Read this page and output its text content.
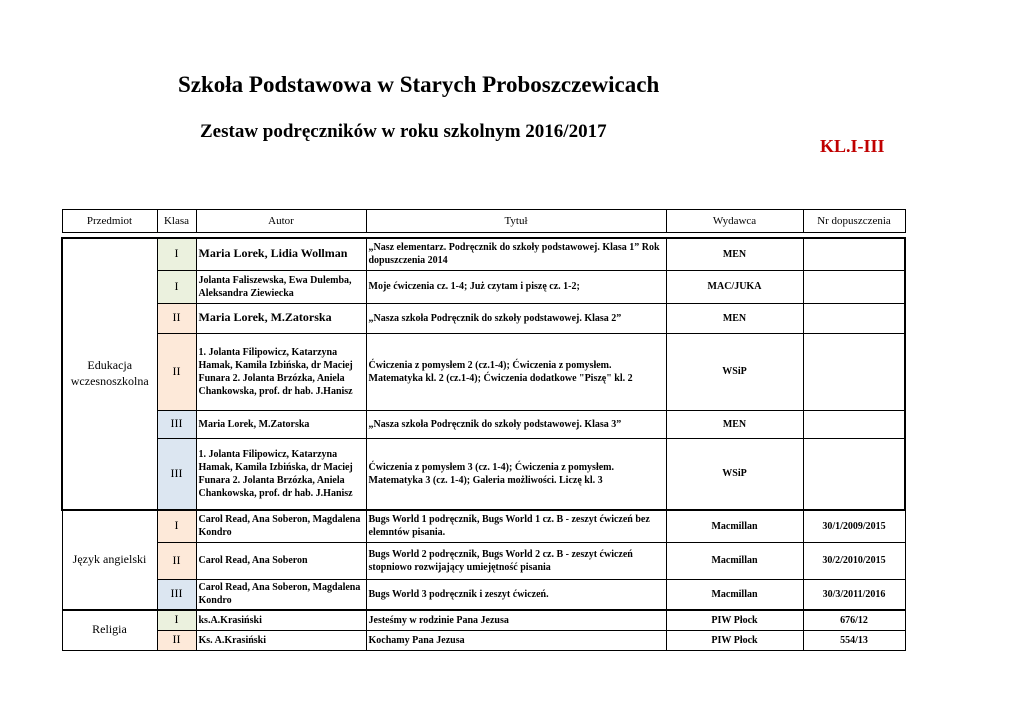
Szkoła Podstawowa w Starych Proboszczewicach
Zestaw podręczników w roku szkolnym 2016/2017
KL.I-III
Przedmiot	Klasa	Autor	Tytuł	Wydawca	Nr dopuszczenia

Edukacja wczesnoszkolna	I	Maria Lorek, Lidia Wollman	„Nasz elementarz. Podręcznik do szkoły podstawowej. Klasa 1” Rok dopuszczenia 2014	MEN	
	I	Jolanta Faliszewska, Ewa Dulemba, Aleksandra Ziewiecka	Moje ćwiczenia cz. 1-4; Już czytam i piszę cz. 1-2;	MAC/JUKA	
	II	Maria Lorek, M.Zatorska	„Nasza szkoła Podręcznik do szkoły podstawowej. Klasa 2”	MEN	
	II	1. Jolanta Filipowicz, Katarzyna Hamak, Kamila Izbińska, dr Maciej Funara 2. Jolanta Brzózka, Aniela Chankowska, prof. dr hab. J.Hanisz	Ćwiczenia z pomysłem 2 (cz.1-4); Ćwiczenia z pomysłem. Matematyka kl. 2 (cz.1-4); Ćwiczenia dodatkowe "Piszę" kl. 2	WSiP	
	III	Maria Lorek, M.Zatorska	„Nasza szkoła Podręcznik do szkoły podstawowej. Klasa 3”	MEN	
	III	1. Jolanta Filipowicz, Katarzyna Hamak, Kamila Izbińska, dr Maciej Funara 2. Jolanta Brzózka, Aniela Chankowska, prof. dr hab. J.Hanisz	Ćwiczenia z pomysłem 3 (cz. 1-4); Ćwiczenia z pomysłem. Matematyka 3 (cz. 1-4); Galeria możliwości. Liczę kl. 3	WSiP	
Język angielski	I	Carol Read, Ana Soberon, Magdalena Kondro	Bugs World 1 podręcznik, Bugs World 1 cz. B - zeszyt ćwiczeń bez elemntów pisania.	Macmillan	30/1/2009/2015
	II	Carol Read, Ana Soberon	Bugs World 2 podręcznik, Bugs World 2 cz. B - zeszyt ćwiczeń stopniowo rozwijający umiejętność pisania	Macmillan	30/2/2010/2015
	III	Carol Read, Ana Soberon, Magdalena Kondro	Bugs World 3 podręcznik i zeszyt ćwiczeń.	Macmillan	30/3/2011/2016
Religia	I	ks.A.Krasiński	Jesteśmy w rodzinie Pana Jezusa	PIW Płock	676/12
	II	Ks. A.Krasiński	Kochamy Pana Jezusa	PIW Płock	554/13
